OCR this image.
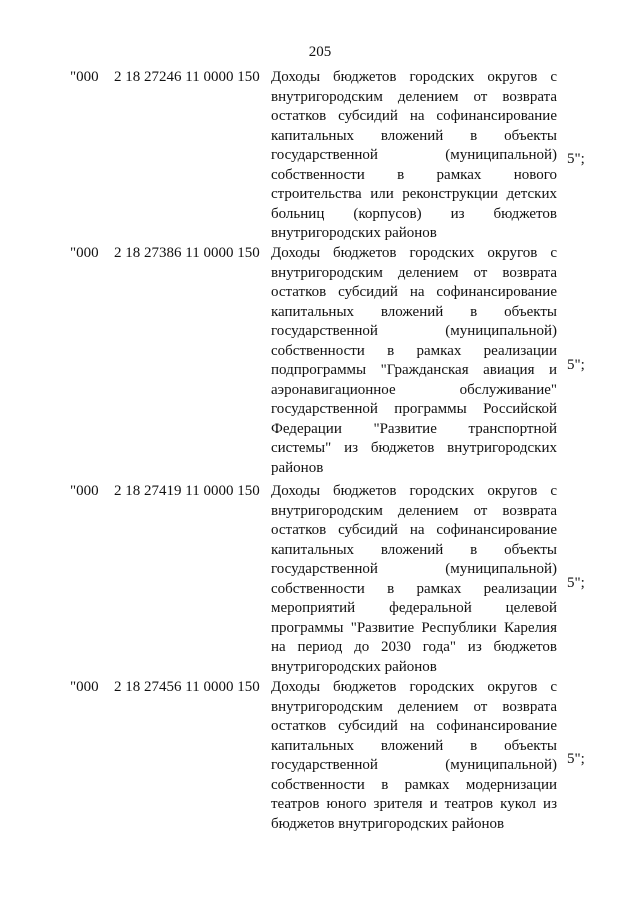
205
"000 2 18 27246 11 0000 150 Доходы бюджетов городских округов с
внутригородским делением от возврата
остатков субсидий на софинансирование
капитальных вложений в объекты
государственной (муниципальной)
собственности в рамках нового
строительства или реконструкции детских
больниц (корпусов) из бюджетов
внутригородских районов
5";
"000 2 18 27386 11 0000 150 Доходы бюджетов городских округов с
внутригородским делением от возврата
остатков субсидий на софинансирование
капитальных вложений в объекты
государственной (муниципальной)
собственности в рамках реализации
подпрограммы "Гражданская авиация и
аэронавигационное обслуживание"
государственной программы Российской
Федерации "Развитие транспортной
системы" из бюджетов внутригородских
районов
5";
"000 2 18 27419 11 0000 150 Доходы бюджетов городских округов с
внутригородским делением от возврата
остатков субсидий на софинансирование
капитальных вложений в объекты
государственной (муниципальной)
собственности в рамках реализации
мероприятий федеральной целевой
программы "Развитие Республики Карелия
на период до 2030 года" из бюджетов
внутригородских районов
5";
"000 2 18 27456 11 0000 150 Доходы бюджетов городских округов с
внутригородским делением от возврата
остатков субсидий на софинансирование
капитальных вложений в объекты
государственной (муниципальной)
собственности в рамках модернизации
театров юного зрителя и театров кукол из
бюджетов внутригородских районов
5";
